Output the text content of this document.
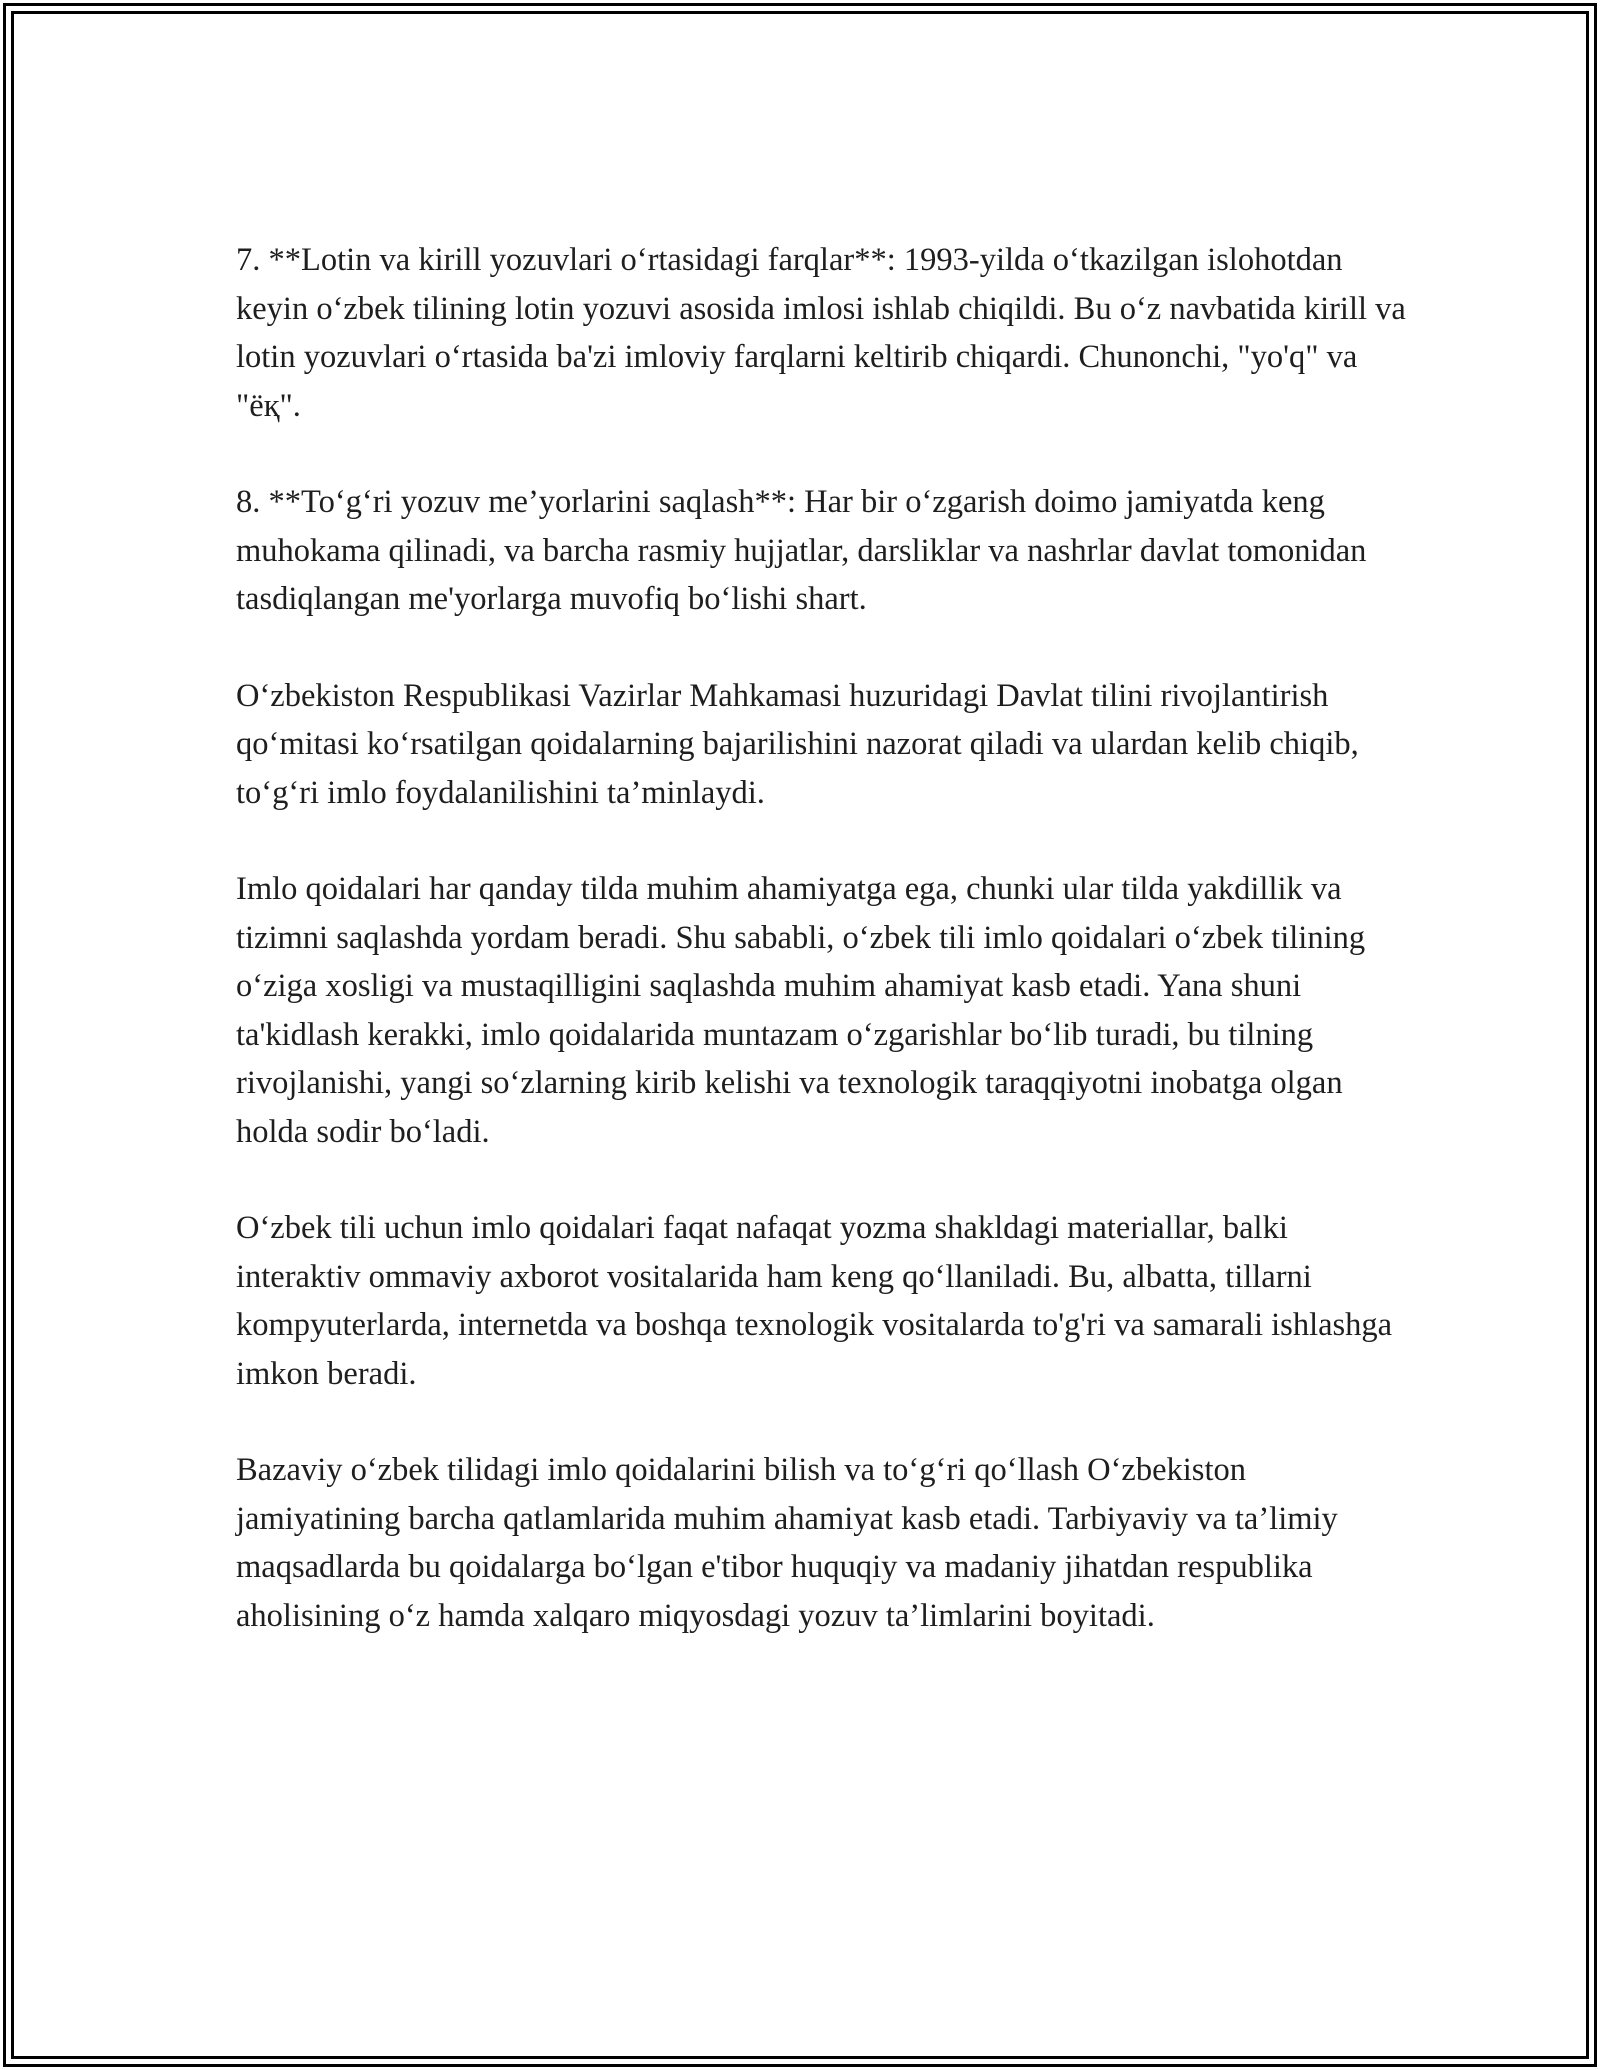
7. **Lotin va kirill yozuvlari o‘rtasidagi farqlar**: 1993-yilda o‘tkazilgan islohotdan keyin o‘zbek tilining lotin yozuvi asosida imlosi ishlab chiqildi. Bu o‘z navbatida kirill va lotin yozuvlari o‘rtasida ba'zi imloviy farqlarni keltirib chiqardi. Chunonchi, "yo'q" va "ёқ".

8. **To‘g‘ri yozuv me’yorlarini saqlash**: Har bir o‘zgarish doimo jamiyatda keng muhokama qilinadi, va barcha rasmiy hujjatlar, darsliklar va nashrlar davlat tomonidan tasdiqlangan me'yorlarga muvofiq bo‘lishi shart.

O‘zbekiston Respublikasi Vazirlar Mahkamasi huzuridagi Davlat tilini rivojlantirish qo‘mitasi ko‘rsatilgan qoidalarning bajarilishini nazorat qiladi va ulardan kelib chiqib, to‘g‘ri imlo foydalanilishini ta’minlaydi.

Imlo qoidalari har qanday tilda muhim ahamiyatga ega, chunki ular tilda yakdillik va tizimni saqlashda yordam beradi. Shu sababli, o‘zbek tili imlo qoidalari o‘zbek tilining o‘ziga xosligi va mustaqilligini saqlashda muhim ahamiyat kasb etadi. Yana shuni ta'kidlash kerakki, imlo qoidalarida muntazam o‘zgarishlar bo‘lib turadi, bu tilning rivojlanishi, yangi so‘zlarning kirib kelishi va texnologik taraqqiyotni inobatga olgan holda sodir bo‘ladi.

O‘zbek tili uchun imlo qoidalari faqat nafaqat yozma shakldagi materiallar, balki interaktiv ommaviy axborot vositalarida ham keng qo‘llaniladi. Bu, albatta, tillarni kompyuterlarda, internetda va boshqa texnologik vositalarda to'g'ri va samarali ishlashga imkon beradi.

Bazaviy o‘zbek tilidagi imlo qoidalarini bilish va to‘g‘ri qo‘llash O‘zbekiston jamiyatining barcha qatlamlarida muhim ahamiyat kasb etadi. Tarbiyaviy va ta’limiy maqsadlarda bu qoidalarga bo‘lgan e'tibor huquqiy va madaniy jihatdan respublika aholisining o‘z hamda xalqaro miqyosdagi yozuv ta’limlarini boyitadi.
